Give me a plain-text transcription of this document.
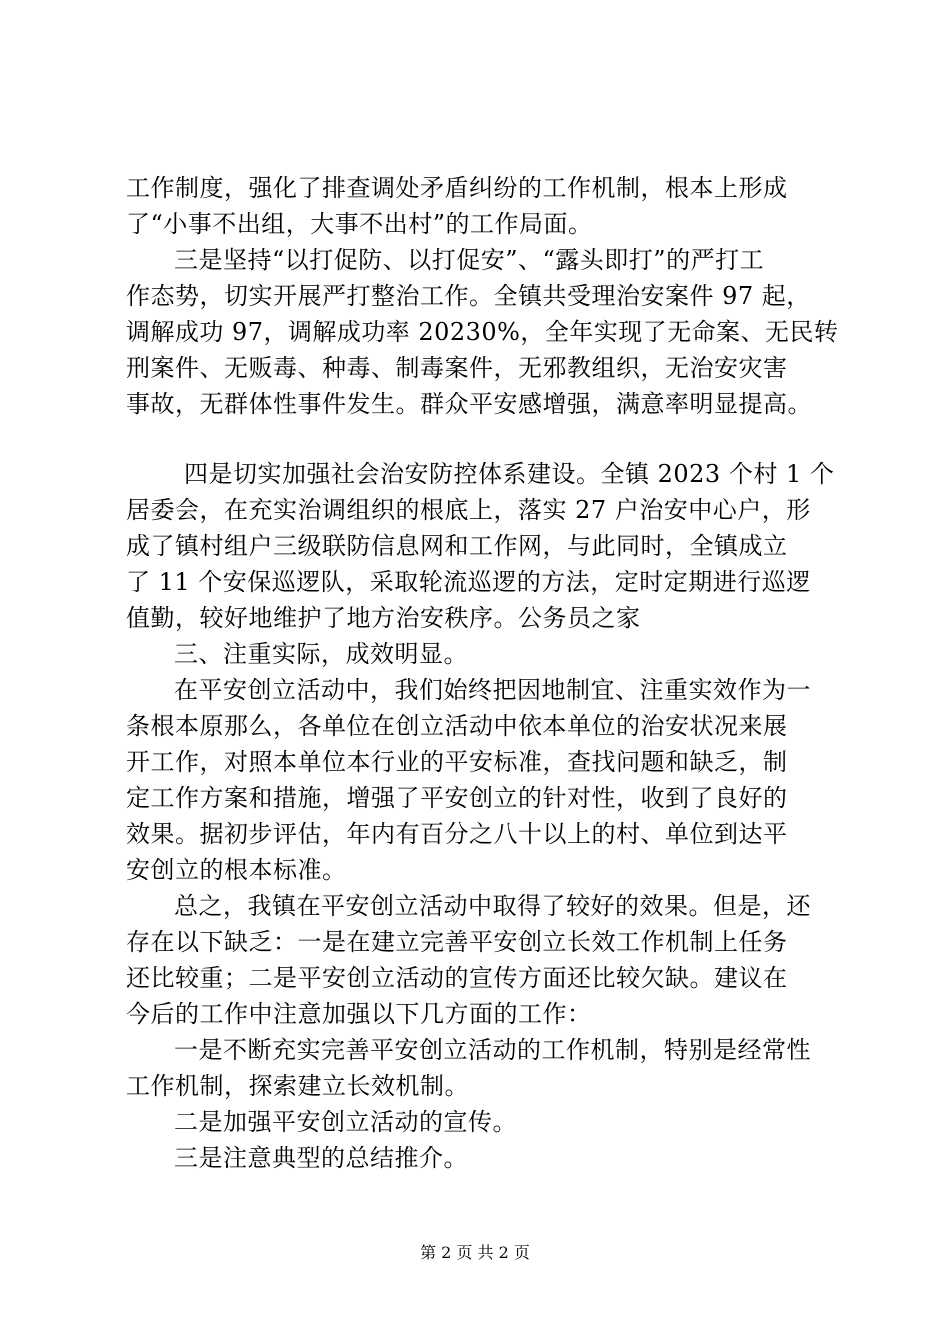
工作制度，强化了排查调处矛盾纠纷的工作机制，根本上形成
了“小事不出组，大事不出村”的工作局面。
三是坚持“以打促防、以打促安”、“露头即打”的严打工
作态势，切实开展严打整治工作。全镇共受理治安案件 97 起，
调解成功 97，调解成功率 20230%，全年实现了无命案、无民转
刑案件、无贩毒、种毒、制毒案件，无邪教组织，无治安灾害
事故，无群体性事件发生。群众平安感增强，满意率明显提高。
四是切实加强社会治安防控体系建设。全镇 2023 个村 1 个
居委会，在充实治调组织的根底上，落实 27 户治安中心户，形
成了镇村组户三级联防信息网和工作网，与此同时，全镇成立
了 11 个安保巡逻队，采取轮流巡逻的方法，定时定期进行巡逻
值勤，较好地维护了地方治安秩序。公务员之家
三、注重实际，成效明显。
在平安创立活动中，我们始终把因地制宜、注重实效作为一
条根本原那么，各单位在创立活动中依本单位的治安状况来展
开工作，对照本单位本行业的平安标准，查找问题和缺乏，制
定工作方案和措施，增强了平安创立的针对性，收到了良好的
效果。据初步评估，年内有百分之八十以上的村、单位到达平
安创立的根本标准。
总之，我镇在平安创立活动中取得了较好的效果。但是，还
存在以下缺乏：一是在建立完善平安创立长效工作机制上任务
还比较重；二是平安创立活动的宣传方面还比较欠缺。建议在
今后的工作中注意加强以下几方面的工作：
一是不断充实完善平安创立活动的工作机制，特别是经常性
工作机制，探索建立长效机制。
二是加强平安创立活动的宣传。
三是注意典型的总结推介。
第 2 页 共 2 页
